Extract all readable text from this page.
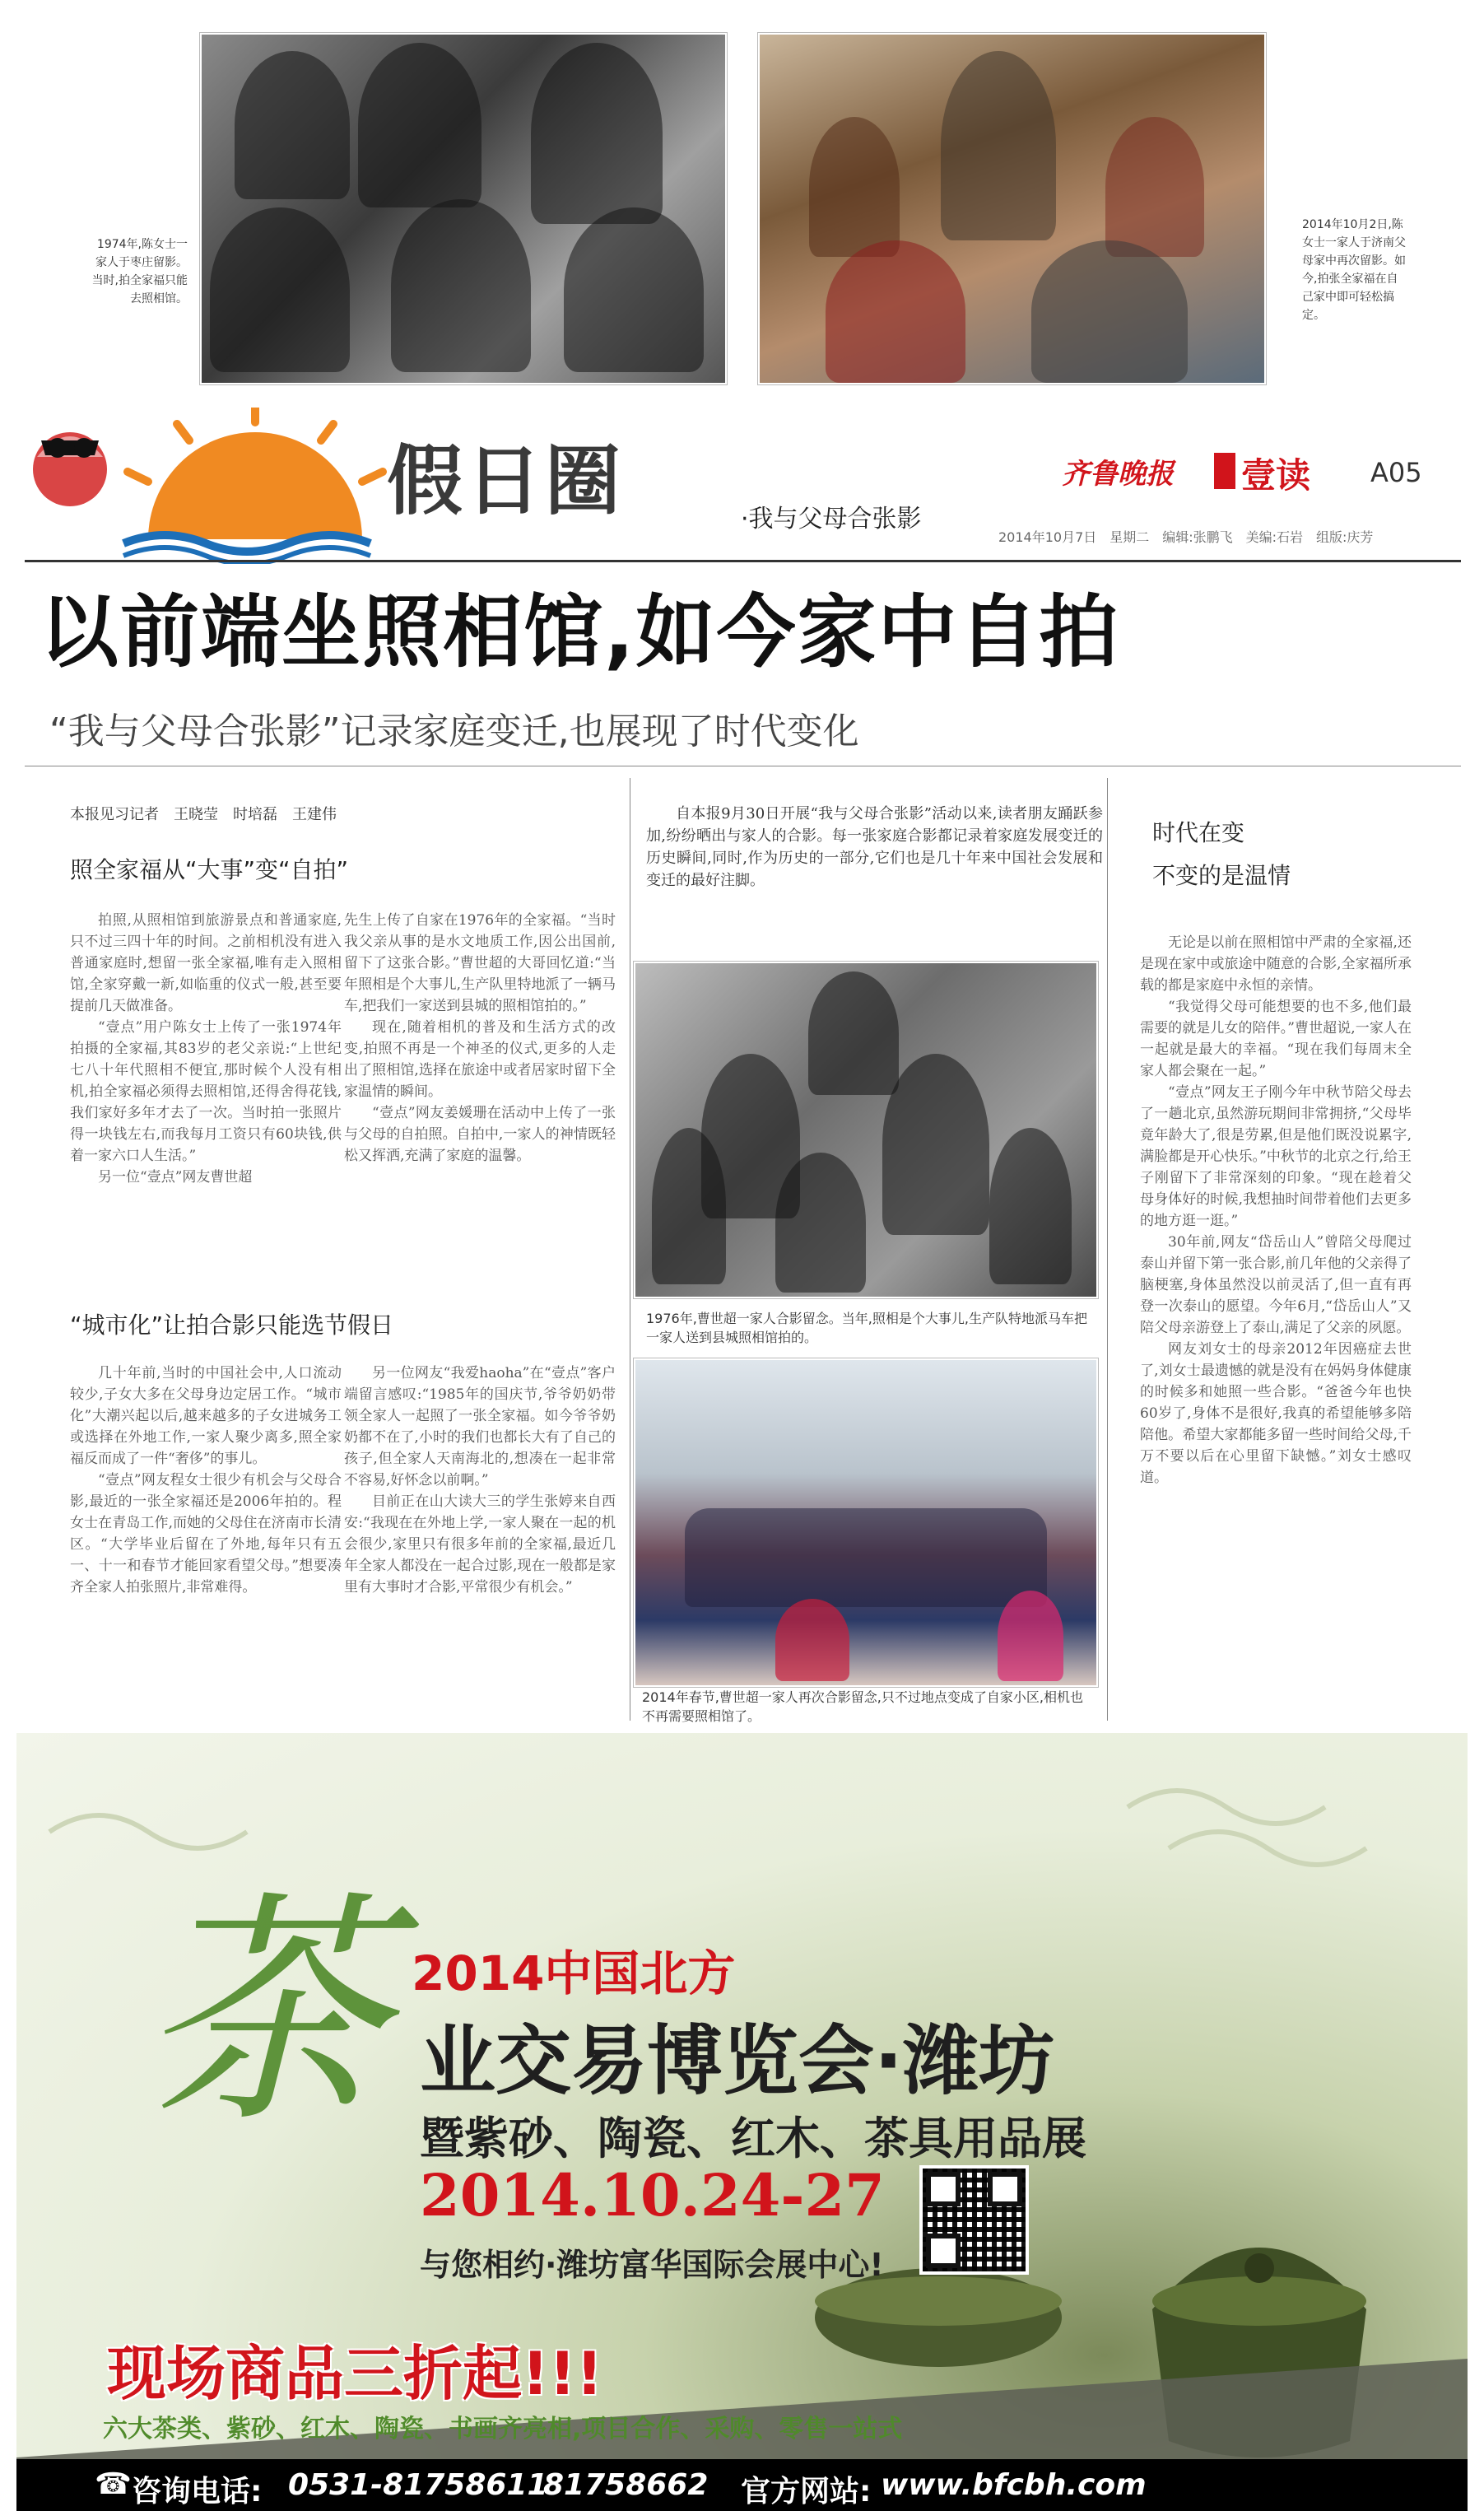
1974年,陈女士一家人于枣庄留影。当时,拍全家福只能去照相馆。
2014年10月2日,陈女士一家人于济南父母家中再次留影。如今,拍张全家福在自己家中即可轻松搞定。
假日圈	·我与父母合张影
齐鲁晚报 壹读 A05
2014年10月7日　星期二　编辑:张鹏飞　美编:石岩　组版:庆芳
以前端坐照相馆,如今家中自拍
“我与父母合张影”记录家庭变迁,也展现了时代变化
本报见习记者　王晓莹　时培磊　王建伟
照全家福从“大事”变“自拍”

拍照,从照相馆到旅游景点和普通家庭,只不过三四十年的时间。之前相机没有进入普通家庭时,想留一张全家福,唯有走入照相馆,全家穿戴一新,如临重的仪式一般,甚至要提前几天做准备。

“壹点”用户陈女士上传了一张1974年拍摄的全家福,其83岁的老父亲说:“上世纪七八十年代照相不便宜,那时候个人没有相机,拍全家福必须得去照相馆,还得舍得花钱,我们家好多年才去了一次。当时拍一张照片得一块钱左右,而我每月工资只有60块钱,供着一家六口人生活。”

另一位“壹点”网友曹世超

先生上传了自家在1976年的全家福。“当时我父亲从事的是水文地质工作,因公出国前,留下了这张合影。”曹世超的大哥回忆道:“当年照相是个大事儿,生产队里特地派了一辆马车,把我们一家送到县城的照相馆拍的。”

现在,随着相机的普及和生活方式的改变,拍照不再是一个神圣的仪式,更多的人走出了照相馆,选择在旅途中或者居家时留下全家温情的瞬间。

“壹点”网友姜媛珊在活动中上传了一张与父母的自拍照。自拍中,一家人的神情既轻松又挥洒,充满了家庭的温馨。

“城市化”让拍合影只能选节假日

几十年前,当时的中国社会中,人口流动较少,子女大多在父母身边定居工作。“城市化”大潮兴起以后,越来越多的子女进城务工或选择在外地工作,一家人聚少离多,照全家福反而成了一件“奢侈”的事儿。

“壹点”网友程女士很少有机会与父母合影,最近的一张全家福还是2006年拍的。程女士在青岛工作,而她的父母住在济南市长清区。“大学毕业后留在了外地,每年只有五一、十一和春节才能回家看望父母。”想要凑齐全家人拍张照片,非常难得。

另一位网友“我爱haoha”在“壹点”客户端留言感叹:“1985年的国庆节,爷爷奶奶带领全家人一起照了一张全家福。如今爷爷奶奶都不在了,小时的我们也都长大有了自己的孩子,但全家人天南海北的,想凑在一起非常不容易,好怀念以前啊。”

目前正在山大读大三的学生张婷来自西安:“我现在在外地上学,一家人聚在一起的机会很少,家里只有很多年前的全家福,最近几年全家人都没在一起合过影,现在一般都是家里有大事时才合影,平常很少有机会。”

自本报9月30日开展“我与父母合张影”活动以来,读者朋友踊跃参加,纷纷晒出与家人的合影。每一张家庭合影都记录着家庭发展变迁的历史瞬间,同时,作为历史的一部分,它们也是几十年来中国社会发展和变迁的最好注脚。

1976年,曹世超一家人合影留念。当年,照相是个大事儿,生产队特地派马车把一家人送到县城照相馆拍的。
2014年春节,曹世超一家人再次合影留念,只不过地点变成了自家小区,相机也不再需要照相馆了。
时代在变
不变的是温情

无论是以前在照相馆中严肃的全家福,还是现在家中或旅途中随意的合影,全家福所承载的都是家庭中永恒的亲情。

“我觉得父母可能想要的也不多,他们最需要的就是儿女的陪伴。”曹世超说,一家人在一起就是最大的幸福。“现在我们每周末全家人都会聚在一起。”

“壹点”网友王子刚今年中秋节陪父母去了一趟北京,虽然游玩期间非常拥挤,“父母毕竟年龄大了,很是劳累,但是他们既没说累字,满脸都是开心快乐。”中秋节的北京之行,给王子刚留下了非常深刻的印象。“现在趁着父母身体好的时候,我想抽时间带着他们去更多的地方逛一逛。”

30年前,网友“岱岳山人”曾陪父母爬过泰山并留下第一张合影,前几年他的父亲得了脑梗塞,身体虽然没以前灵活了,但一直有再登一次泰山的愿望。今年6月,“岱岳山人”又陪父母亲游登上了泰山,满足了父亲的夙愿。

网友刘女士的母亲2012年因癌症去世了,刘女士最遗憾的就是没有在妈妈身体健康的时候多和她照一些合影。“爸爸今年也快60岁了,身体不是很好,我真的希望能够多陪陪他。希望大家都能多留一些时间给父母,千万不要以后在心里留下缺憾。”刘女士感叹道。

茶 2014中国北方
业交易博览会·潍坊
暨紫砂、陶瓷、红木、茶具用品展
2014.10.24-27
与您相约·潍坊富华国际会展中心!
现场商品三折起!!!
六大茶类、紫砂、红木、陶瓷、书画齐亮相,项目合作、采购、零售一站式
☎ 咨询电话: 0531-81758611
81758662 官方网站: www.bfcbh.com
